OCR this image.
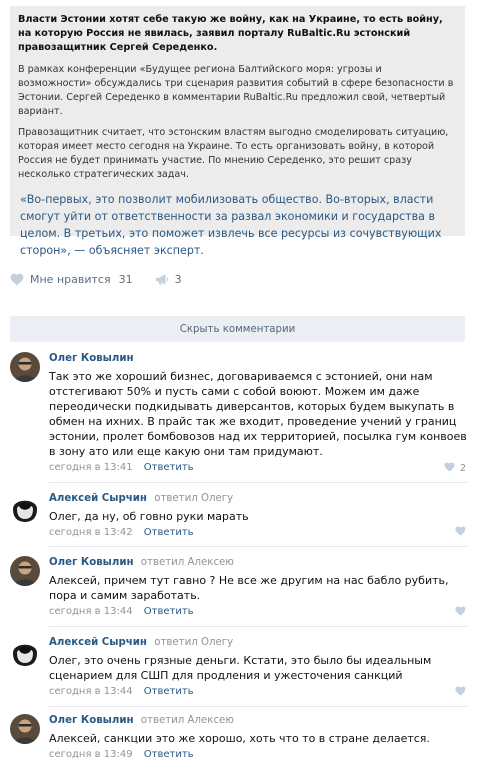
Власти Эстонии хотят себе такую же войну, как на Украине, то есть войну, на которую Россия не явилась, заявил порталу RuBaltic.Ru эстонский правозащитник Сергей Середенко.

В рамках конференции «Будущее региона Балтийского моря: угрозы и возможности» обсуждались три сценария развития событий в сфере безопасности в Эстонии. Сергей Середенко в комментарии RuBaltic.Ru предложил свой, четвертый вариант.

Правозащитник считает, что эстонским властям выгодно смоделировать ситуацию, которая имеет место сегодня на Украине. То есть организовать войну, в которой Россия не будет принимать участие. По мнению Середенко, это решит сразу несколько стратегических задач.

«Во-первых, это позволит мобилизовать общество. Во-вторых, власти смогут уйти от ответственности за развал экономики и государства в целом. В третьих, это поможет извлечь все ресурсы из сочувствующих сторон», — объясняет эксперт.

Мне нравится 31	3
Скрыть комментарии
Олег Ковылин
Так это же хороший бизнес, договариваемся с эстонией, они нам отстегивают 50% и пусть сами с собой воюют. Можем им даже переодически подкидывать диверсантов, которых будем выкупать в обмен на ихних. В прайс так же входит, проведение учений у границ эстонии, пролет бомбовозов над их территорией, посылка гум конвоев в зону ато или еще какую они там придумают.
сегодня в 13:41 Ответить	2
Алексей Сырчин ответил Олегу
Олег, да ну, об говно руки марать
сегодня в 13:42 Ответить
Олег Ковылин ответил Алексею
Алексей, причем тут гавно ? Не все же другим на нас бабло рубить, пора и самим заработать.
сегодня в 13:44 Ответить
Алексей Сырчин ответил Олегу
Олег, это очень грязные деньги. Кстати, это было бы идеальным сценарием для СШП для продления и ужесточения санкций
сегодня в 13:44 Ответить
Олег Ковылин ответил Алексею
Алексей, санкции это же хорошо, хоть что то в стране делается.
сегодня в 13:49 Ответить
